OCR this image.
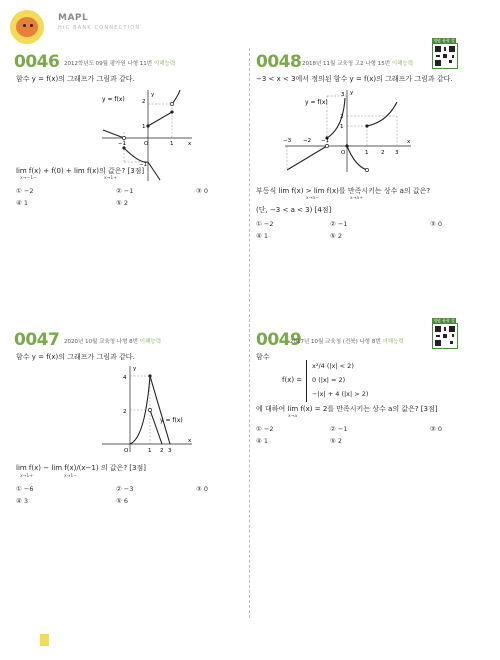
MAPL
HIC BANK CONNECTION
0046 2012학년도 09월 평가원 나형 11번 이해능력
함수 y = f(x)의 그래프가 그림과 같다.
y = f(x)	2
1
−1
−1	O	1	x
y
lim f(x) + f(0) + lim f(x)의 값은? [3점]
x→−1−	x→1+
① −2	② −1	③ 0
④ 1	⑤ 2
0048 2018년 11월 교육청 고2 나형 15번 이해능력
개념 유형 강
−3 < x < 3에서 정의된 함수 y = f(x)의 그래프가 그림과 같다.
y = f(x)
3
2
1
−3 −2 −1
O	1 2 3
x
y
부등식 lim f(x) > lim f(x)를 만족시키는 상수 a의 값은?
x→a−	x→a+
(단, −3 < a < 3) [4점]
① −2	② −1	③ 0
④ 1	⑤ 2
0047 2020년 10월 교육청 나형 8번 이해능력
함수 y = f(x)의 그래프가 그림과 같다.
y = f(x)
4
2
O	1 2 3
x
y
lim f(x) − lim f(x)/(x−1) 의 값은? [3점]
x→1+	x→1−
① −6	② −3	③ 0
④ 3	⑤ 6
0049
2017년 10월 교육청 (전북) 나형 8번 이해능력
개념 유형 강
함수
f(x) =
x²/4 (|x| < 2)
0 (|x| = 2)
−|x| + 4 (|x| > 2)
에 대하여 lim f(x) = 2를 만족시키는 상수 a의 값은? [3점]
x→a
① −2	② −1	③ 0
④ 1	⑤ 2
